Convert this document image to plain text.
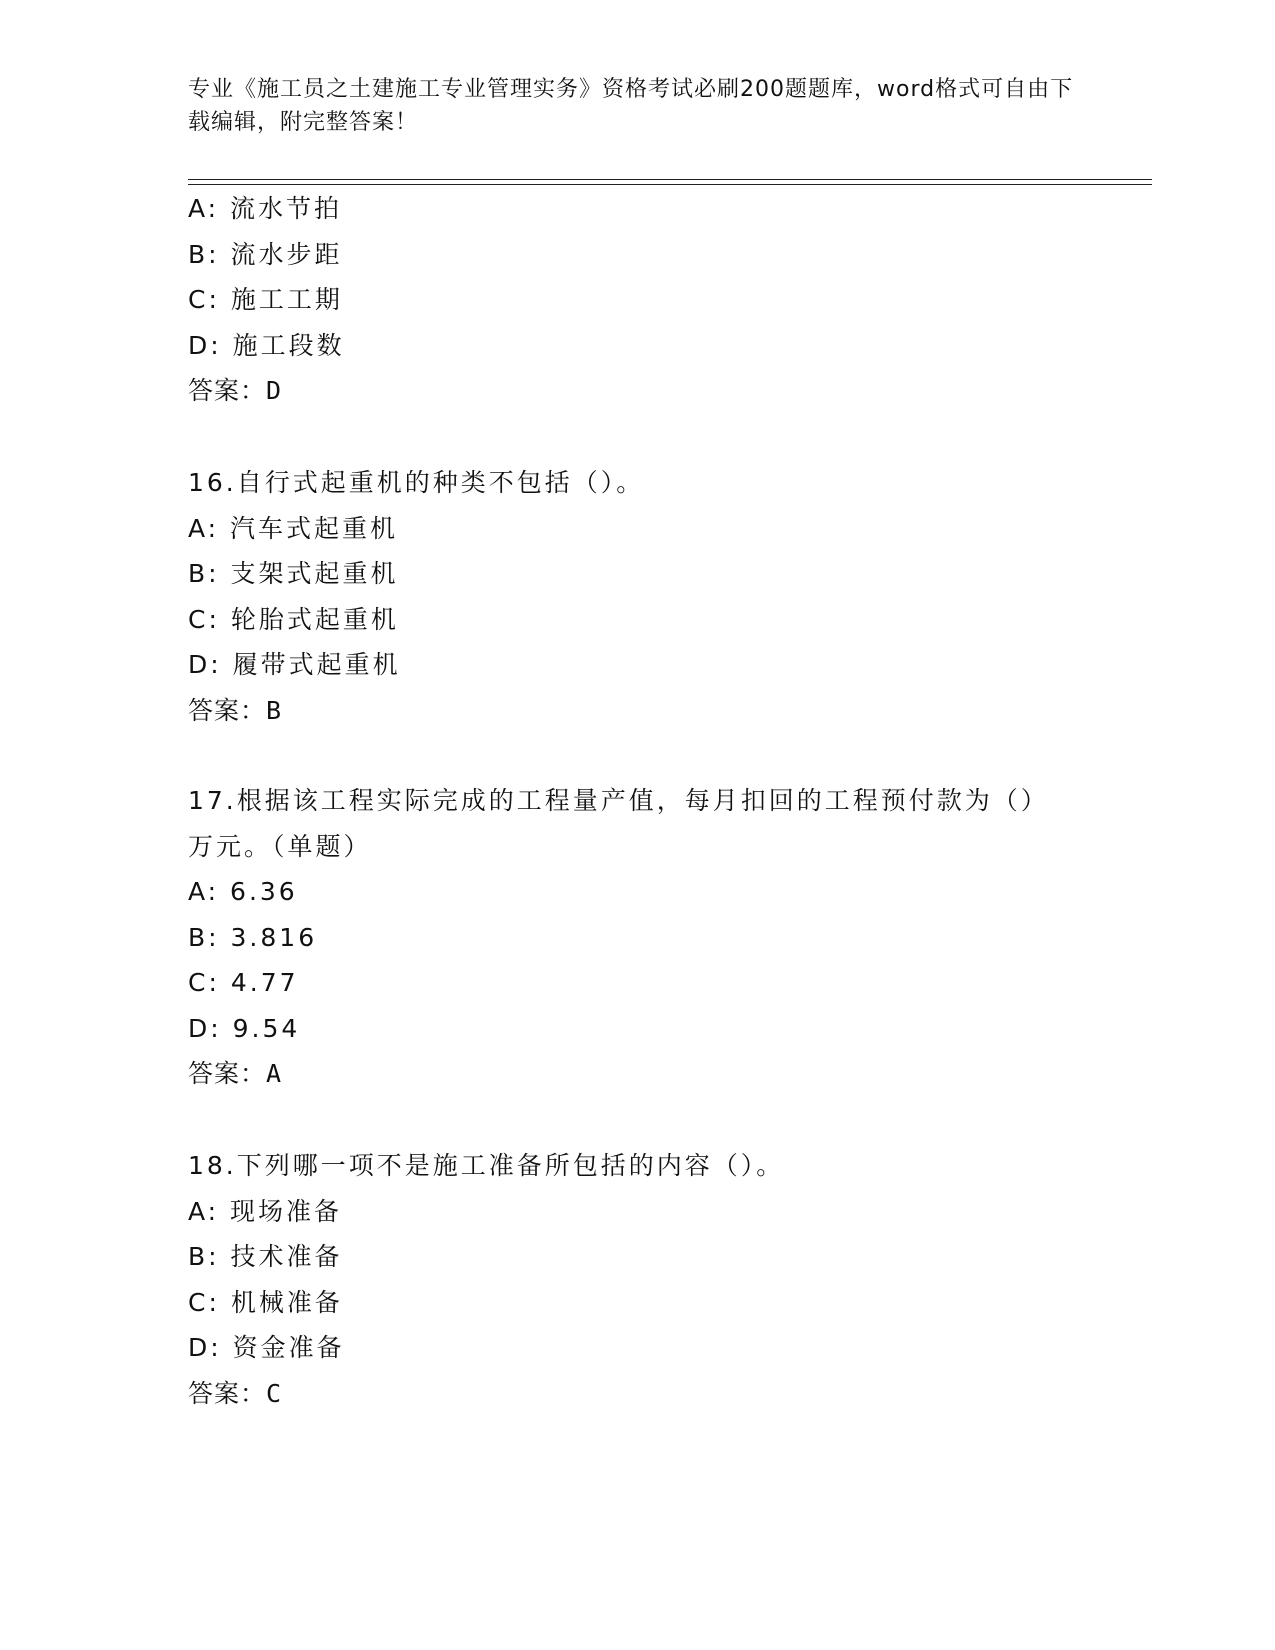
专业《施工员之土建施工专业管理实务》资格考试必刷200题题库，word格式可自由下载编辑，附完整答案！
A: 流水节拍
B: 流水步距
C: 施工工期
D: 施工段数
答案：D
16.自行式起重机的种类不包括（）。
A: 汽车式起重机
B: 支架式起重机
C: 轮胎式起重机
D: 履带式起重机
答案：B
17.根据该工程实际完成的工程量产值，每月扣回的工程预付款为（）万元。（单题）
A: 6.36
B: 3.816
C: 4.77
D: 9.54
答案：A
18.下列哪一项不是施工准备所包括的内容（）。
A: 现场准备
B: 技术准备
C: 机械准备
D: 资金准备
答案：C
